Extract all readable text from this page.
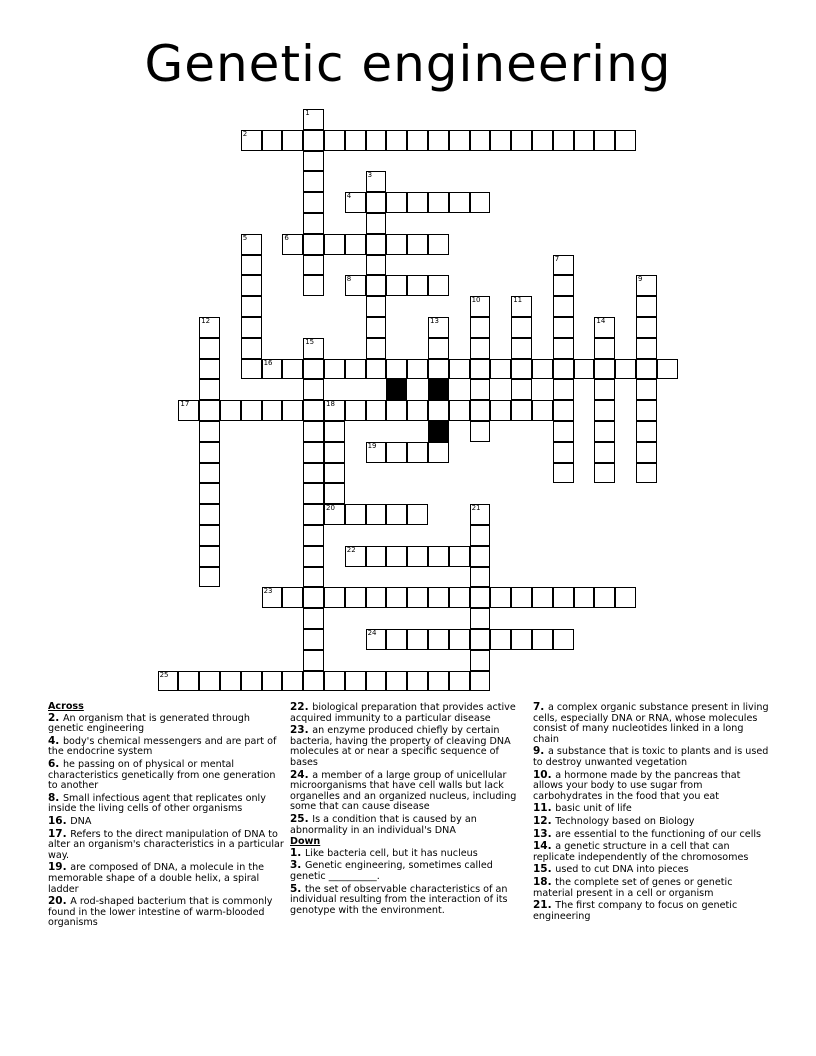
Genetic engineering
1
2
3
4
5	6
7
8	9
10	11
12	13	14
15
16
17	18
19
20	21
22
23
24
25
Across
2. An organism that is generated through genetic engineering
4. body's chemical messengers and are part of the endocrine system
6. he passing on of physical or mental characteristics genetically from one generation to another
8. Small infectious agent that replicates only inside the living cells of other organisms
16. DNA
17. Refers to the direct manipulation of DNA to alter an organism's characteristics in a particular way.
19. are composed of DNA, a molecule in the memorable shape of a double helix, a spiral ladder
20. A rod-shaped bacterium that is commonly found in the lower intestine of warm-blooded organisms
22. biological preparation that provides active acquired immunity to a particular disease
23. an enzyme produced chiefly by certain bacteria, having the property of cleaving DNA molecules at or near a specific sequence of bases
24. a member of a large group of unicellular microorganisms that have cell walls but lack organelles and an organized nucleus, including some that can cause disease
25. Is a condition that is caused by an abnormality in an individual's DNA
Down
1. Like bacteria cell, but it has nucleus
3. Genetic engineering, sometimes called genetic __________.
5. the set of observable characteristics of an individual resulting from the interaction of its genotype with the environment.
7. a complex organic substance present in living cells, especially DNA or RNA, whose molecules consist of many nucleotides linked in a long chain
9. a substance that is toxic to plants and is used to destroy unwanted vegetation
10. a hormone made by the pancreas that allows your body to use sugar from carbohydrates in the food that you eat
11. basic unit of life
12. Technology based on Biology
13. are essential to the functioning of our cells
14. a genetic structure in a cell that can replicate independently of the chromosomes
15. used to cut DNA into pieces
18. the complete set of genes or genetic material present in a cell or organism
21. The first company to focus on genetic engineering
